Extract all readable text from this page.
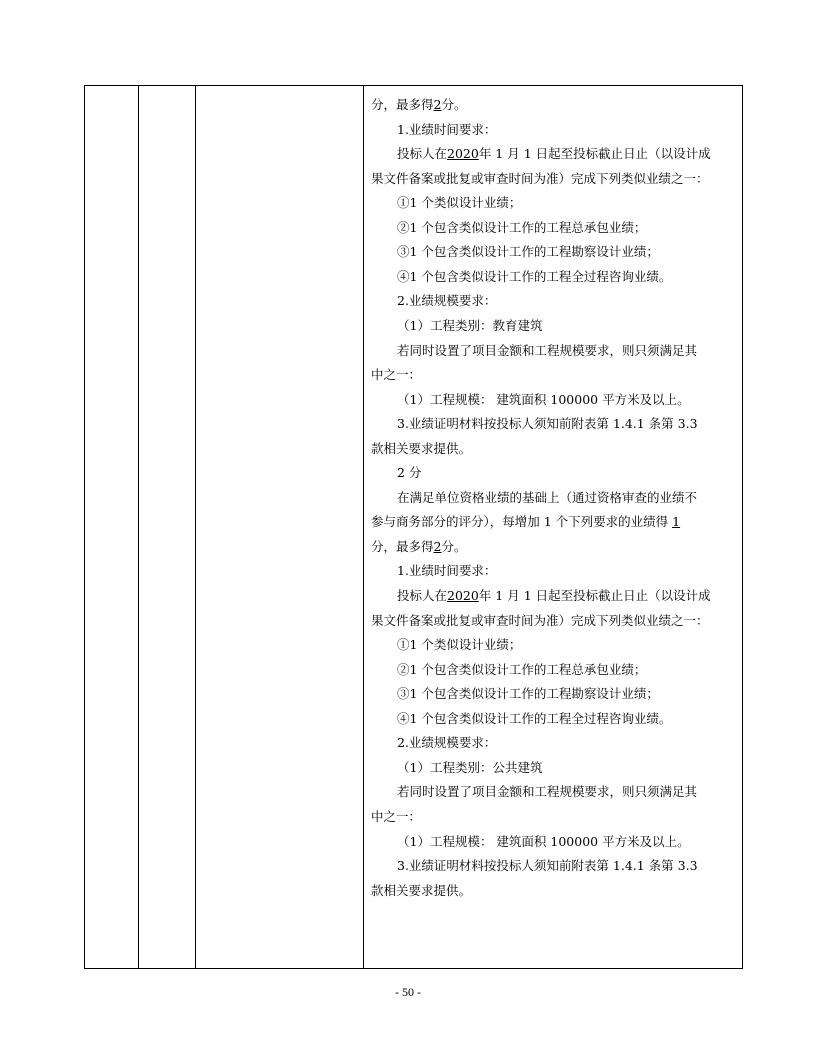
分，最多得2分。
1.业绩时间要求：
投标人在2020年 1 月 1 日起至投标截止日止（以设计成
果文件备案或批复或审查时间为准）完成下列类似业绩之一：
①1 个类似设计业绩；
②1 个包含类似设计工作的工程总承包业绩；
③1 个包含类似设计工作的工程勘察设计业绩；
④1 个包含类似设计工作的工程全过程咨询业绩。
2.业绩规模要求：
（1）工程类别：教育建筑
若同时设置了项目金额和工程规模要求，则只须满足其
中之一：
（1）工程规模： 建筑面积 100000 平方米及以上。
3.业绩证明材料按投标人须知前附表第 1.4.1 条第 3.3
款相关要求提供。
2 分
在满足单位资格业绩的基础上（通过资格审查的业绩不
参与商务部分的评分），每增加 1 个下列要求的业绩得 1
分，最多得2分。
1.业绩时间要求：
投标人在2020年 1 月 1 日起至投标截止日止（以设计成
果文件备案或批复或审查时间为准）完成下列类似业绩之一：
①1 个类似设计业绩；
②1 个包含类似设计工作的工程总承包业绩；
③1 个包含类似设计工作的工程勘察设计业绩；
④1 个包含类似设计工作的工程全过程咨询业绩。
2.业绩规模要求：
（1）工程类别：公共建筑
若同时设置了项目金额和工程规模要求，则只须满足其
中之一：
（1）工程规模： 建筑面积 100000 平方米及以上。
3.业绩证明材料按投标人须知前附表第 1.4.1 条第 3.3
款相关要求提供。
- 50 -
